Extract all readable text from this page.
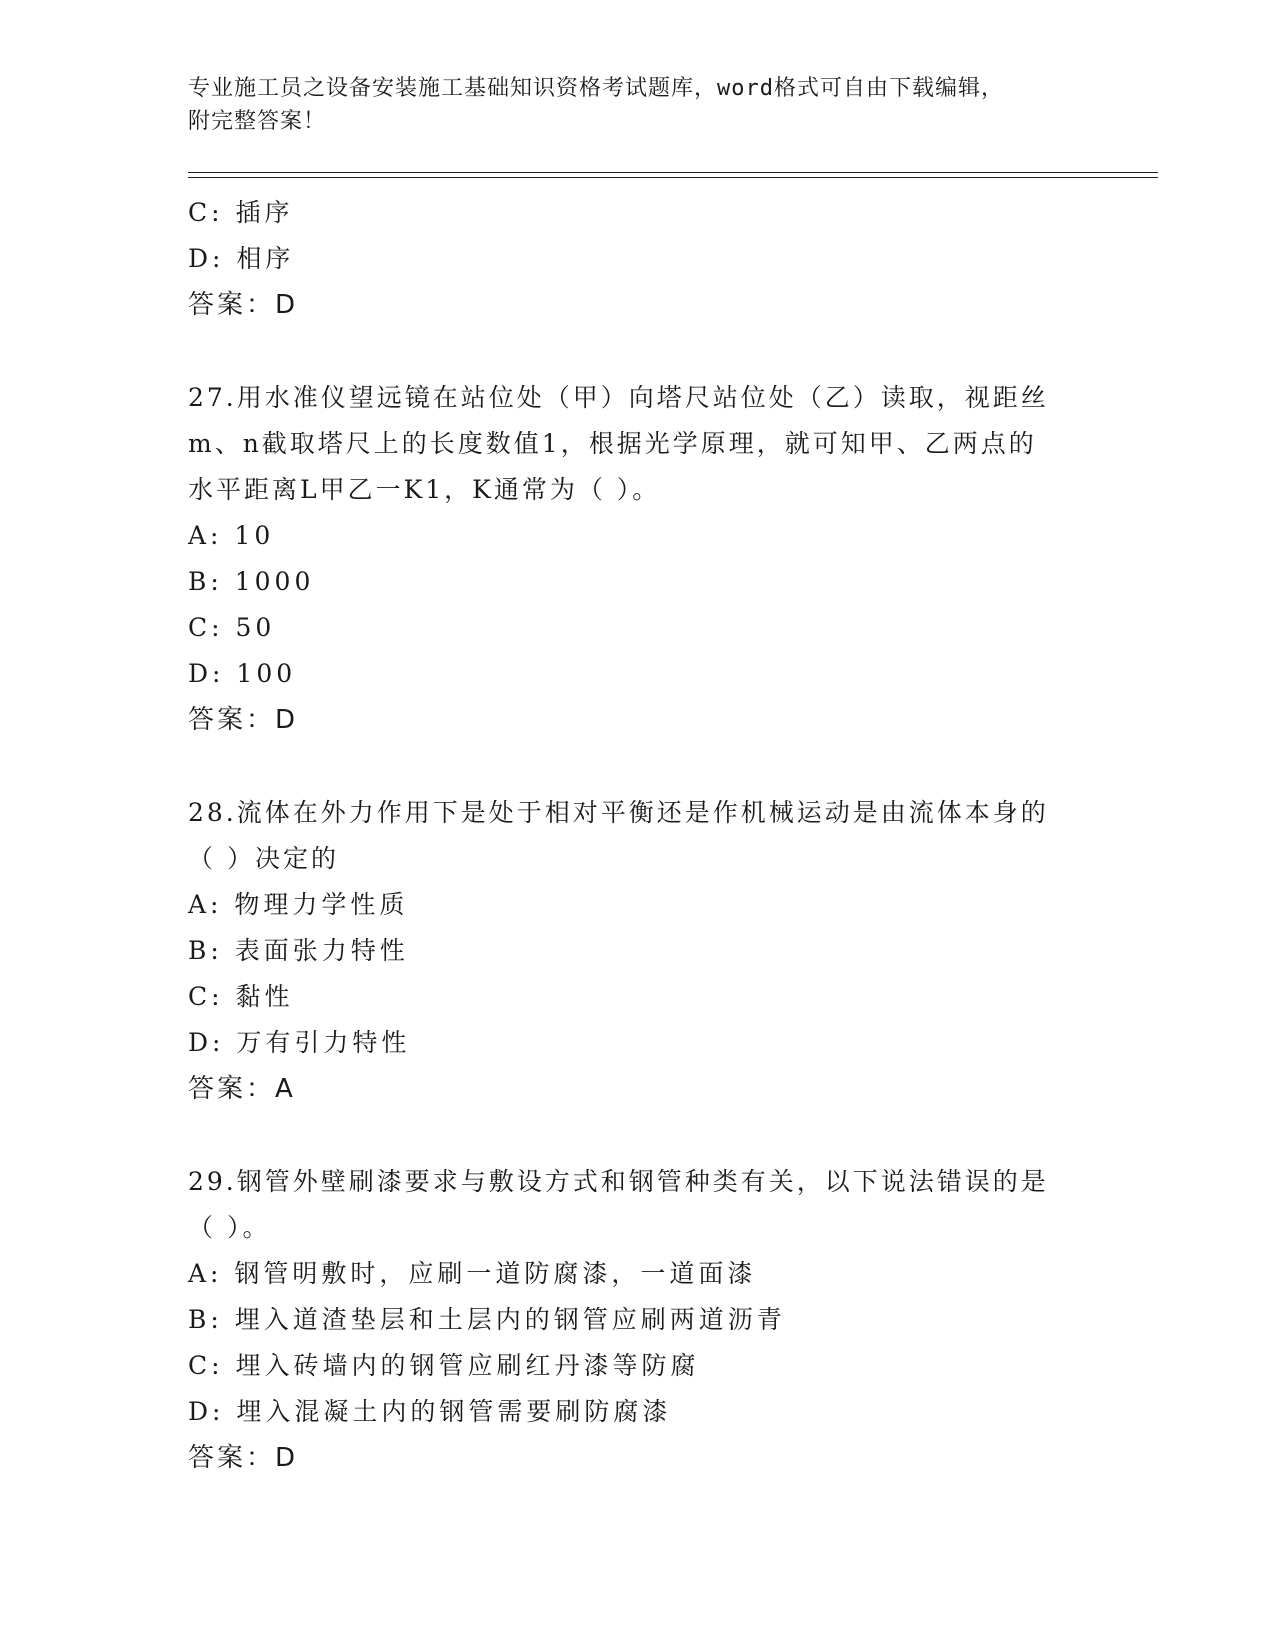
专业施工员之设备安装施工基础知识资格考试题库，word格式可自由下载编辑，
附完整答案！
C: 插序
D: 相序
答案：D
27.用水准仪望远镜在站位处（甲）向塔尺站位处（乙）读取，视距丝
m、n截取塔尺上的长度数值1，根据光学原理，就可知甲、乙两点的
水平距离L甲乙一K1，K通常为（ ）。
A: 10
B: 1000
C: 50
D: 100
答案：D
28.流体在外力作用下是处于相对平衡还是作机械运动是由流体本身的
（ ）决定的
A: 物理力学性质
B: 表面张力特性
C: 黏性
D: 万有引力特性
答案：A
29.钢管外壁刷漆要求与敷设方式和钢管种类有关，以下说法错误的是
（ ）。
A: 钢管明敷时，应刷一道防腐漆，一道面漆
B: 埋入道渣垫层和土层内的钢管应刷两道沥青
C: 埋入砖墙内的钢管应刷红丹漆等防腐
D: 埋入混凝土内的钢管需要刷防腐漆
答案：D
